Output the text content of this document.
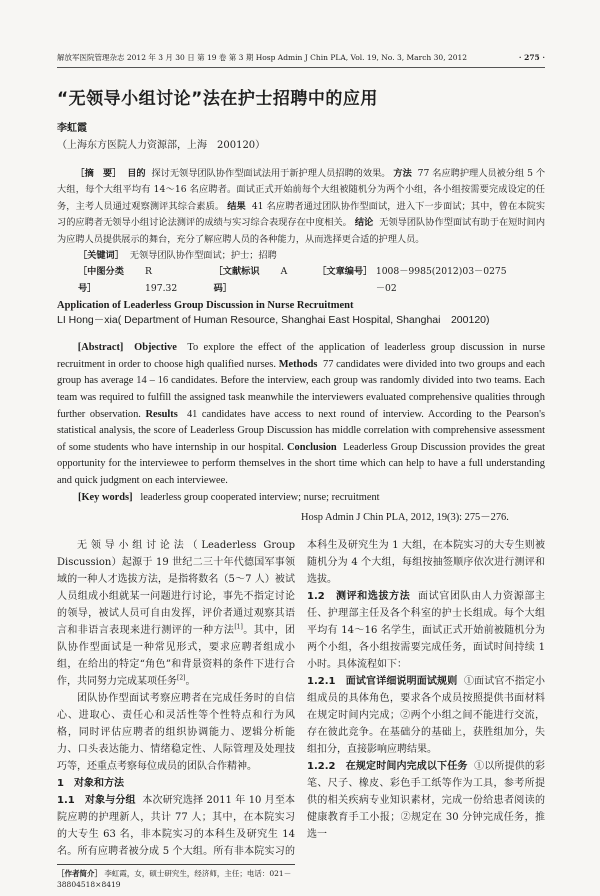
解放军医院管理杂志 2012 年 3 月 30 日 第 19 卷 第 3 期 Hosp Admin J Chin PLA, Vol. 19, No. 3, March 30, 2012	· 275 ·
“无领导小组讨论”法在护士招聘中的应用
李虹霞
（上海东方医院人力资源部，上海　200120）
［摘　要］ 目的 探讨无领导团队协作型面试法用于新护理人员招聘的效果。 方法 77 名应聘护理人员被分组 5 个大组，每个大组平均有 14～16 名应聘者。面试正式开始前每个大组被随机分为两个小组，各小组按需要完成设定的任务，主考人员通过观察测评其综合素质。 结果 41 名应聘者通过团队协作型面试，进入下一步面试；其中，曾在本院实习的应聘者无领导小组讨论法测评的成绩与实习综合表现存在中度相关。 结论 无领导团队协作型面试有助于在短时间内为应聘人员提供展示的舞台，充分了解应聘人员的各种能力，从而选择更合适的护理人员。
［关键词］ 无领导团队协作型面试；护士；招聘
［中图分类号］
R 197.32
［文献标识码］
A	［文章编号］ 1008－9985(2012)03－0275－02
Application of Leaderless Group Discussion in Nurse Recruitment
LI Hong－xia( Department of Human Resource, Shanghai East Hospital, Shanghai　200120)
[Abstract] Objective To explore the effect of the application of leaderless group discussion in nurse recruitment in order to choose high qualified nurses. Methods 77 candidates were divided into two groups and each group has average 14 – 16 candidates. Before the interview, each group was randomly divided into two teams. Each team was required to fulfill the assigned task meanwhile the interviewers evaluated comprehensive qualities through further observation. Results 41 candidates have access to next round of interview. According to the Pearson's statistical analysis, the score of Leaderless Group Discussion has middle correlation with comprehensive assessment of some students who have internship in our hospital. Conclusion Leaderless Group Discussion provides the great opportunity for the interviewee to perform themselves in the short time which can help to have a full understanding and quick judgment on each interviewee.
[Key words] leaderless group cooperated interview; nurse; recruitment
Hosp Admin J Chin PLA, 2012, 19(3): 275－276.

无领导小组讨论法（Leaderless Group Discussion）起源于 19 世纪二三十年代德国军事领域的一种人才选拔方法，是指将数名（5～7 人）被试人员组成小组就某一问题进行讨论，事先不指定讨论的领导，被试人员可自由发挥，评价者通过观察其语言和非语言表现来进行测评的一种方法[1]。其中，团队协作型面试是一种常见形式，要求应聘者组成小组，在给出的特定“角色”和背景资料的条件下进行合作，共同努力完成某项任务[2]。

团队协作型面试考察应聘者在完成任务时的自信心、进取心、责任心和灵活性等个性特点和行为风格，同时评估应聘者的组织协调能力、逻辑分析能力、口头表达能力、情绪稳定性、人际管理及处理技巧等，还重点考察每位成员的团队合作精神。

1　对象和方法

1.1　对象与分组 本次研究选择 2011 年 10 月至本院应聘的护理新人，共计 77 人；其中，在本院实习的大专生 63 名，非本院实习的本科生及研究生 14 名。所有应聘者被分成 5 个大组。所有非本院实习的本科生及研究生为 1 大组，在本院实习的大专生则被随机分为 4 个大组，每组按抽签顺序依次进行测评和选拔。

1.2　测评和选拔方法 面试官团队由人力资源部主任、护理部主任及各个科室的护士长组成。每个大组平均有 14～16 名学生，面试正式开始前被随机分为两个小组，各小组按需要完成任务，面试时间持续 1 小时。具体流程如下：

1.2.1　面试官详细说明面试规则 ①面试官不指定小组成员的具体角色，要求各个成员按照提供书面材料在规定时间内完成；②两个小组之间不能进行交流，存在彼此竞争。在基础分的基础上，获胜组加分，失组扣分，直接影响应聘结果。

1.2.2　在规定时间内完成以下任务 ①以所提供的彩笔、尺子、橡皮、彩色手工纸等作为工具，参考所提供的相关疾病专业知识素材，完成一份给患者阅读的健康教育手工小报；②规定在 30 分钟完成任务，推选一

［作者简介］ 李虹霞，女，硕士研究生，经济师，主任；电话：021－38804518×8419
